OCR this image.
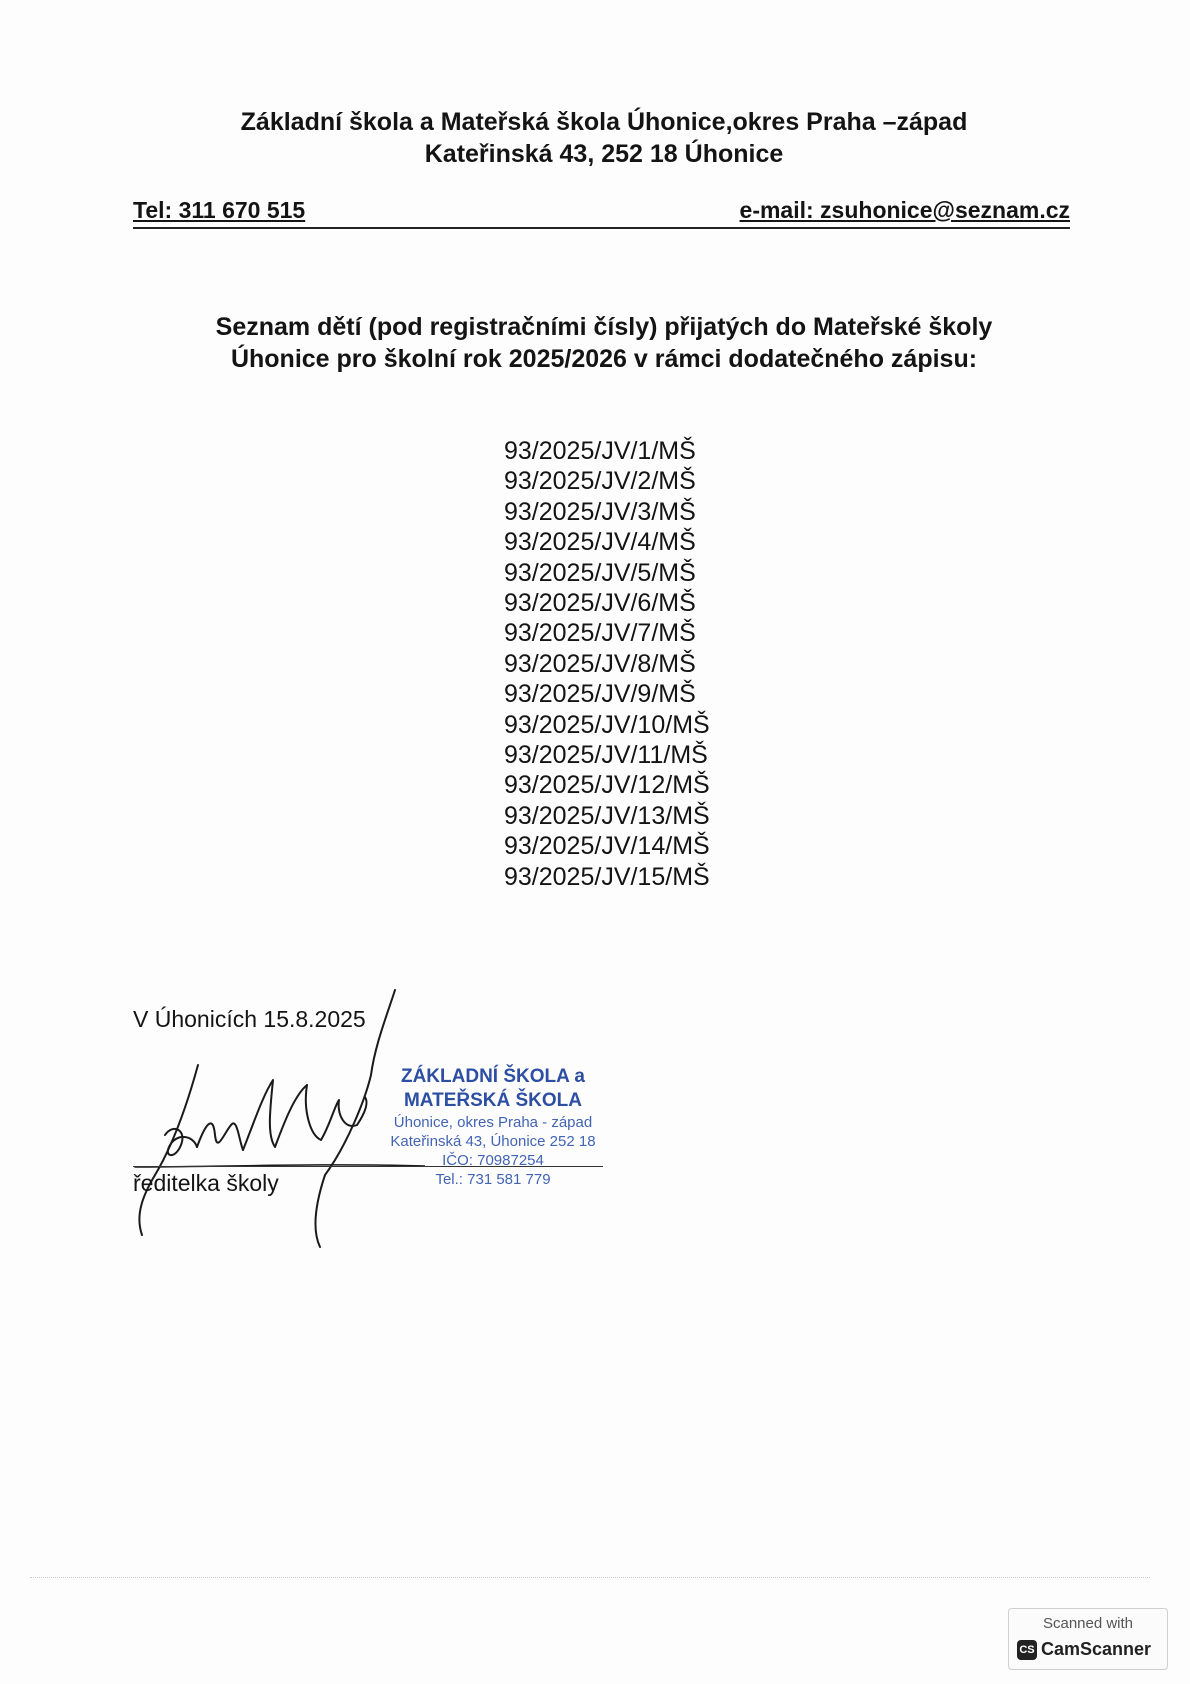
Základní škola a Mateřská škola Úhonice,okres Praha –západ
Kateřinská 43, 252 18 Úhonice
Tel: 311 670 515	e-mail: zsuhonice@seznam.cz
Seznam dětí (pod registračními čísly) přijatých do Mateřské školy
Úhonice pro školní rok 2025/2026 v rámci dodatečného zápisu:
93/2025/JV/1/MŠ
93/2025/JV/2/MŠ
93/2025/JV/3/MŠ
93/2025/JV/4/MŠ
93/2025/JV/5/MŠ
93/2025/JV/6/MŠ
93/2025/JV/7/MŠ
93/2025/JV/8/MŠ
93/2025/JV/9/MŠ
93/2025/JV/10/MŠ
93/2025/JV/11/MŠ
93/2025/JV/12/MŠ
93/2025/JV/13/MŠ
93/2025/JV/14/MŠ
93/2025/JV/15/MŠ
V Úhonicích 15.8.2025
ředitelka školy
ZÁKLADNÍ ŠKOLA a
MATEŘSKÁ ŠKOLA
Úhonice, okres Praha - západ
Kateřinská 43, Úhonice 252 18
IČO: 70987254
Tel.: 731 581 779
Scanned with
CS CamScanner
